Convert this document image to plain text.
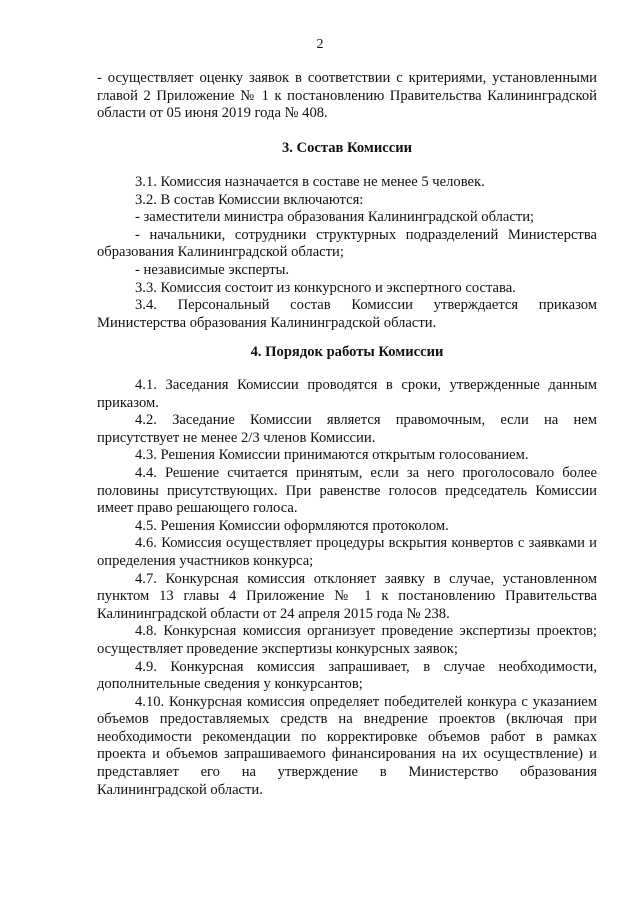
2

- осуществляет оценку заявок в соответствии с критериями, установленными главой 2 Приложение № 1 к постановлению Правительства Калининградской области от 05 июня 2019 года № 408.

3. Состав Комиссии

3.1. Комиссия назначается в составе не менее 5 человек.

3.2. В состав Комиссии включаются:

- заместители министра образования Калининградской области;

- начальники, сотрудники структурных подразделений Министерства образования Калининградской области;

- независимые эксперты.

3.3. Комиссия состоит из конкурсного и экспертного состава.

3.4. Персональный состав Комиссии утверждается приказом Министерства образования Калининградской области.

4. Порядок работы Комиссии

4.1. Заседания Комиссии проводятся в сроки, утвержденные данным приказом.

4.2. Заседание Комиссии является правомочным, если на нем присутствует не менее 2/3 членов Комиссии.

4.3. Решения Комиссии принимаются открытым голосованием.

4.4. Решение считается принятым, если за него проголосовало более половины присутствующих. При равенстве голосов председатель Комиссии имеет право решающего голоса.

4.5. Решения Комиссии оформляются протоколом.

4.6. Комиссия осуществляет процедуры вскрытия конвертов с заявками и определения участников конкурса;

4.7. Конкурсная комиссия отклоняет заявку в случае, установленном пунктом 13 главы 4 Приложение № 1 к постановлению Правительства Калининградской области от 24 апреля 2015 года № 238.

4.8. Конкурсная комиссия организует проведение экспертизы проектов; осуществляет проведение экспертизы конкурсных заявок;

4.9. Конкурсная комиссия запрашивает, в случае необходимости, дополнительные сведения у конкурсантов;

4.10. Конкурсная комиссия определяет победителей конкура с указанием объемов предоставляемых средств на внедрение проектов (включая при необходимости рекомендации по корректировке объемов работ в рамках проекта и объемов запрашиваемого финансирования на их осуществление) и представляет его на утверждение в Министерство образования Калининградской области.
